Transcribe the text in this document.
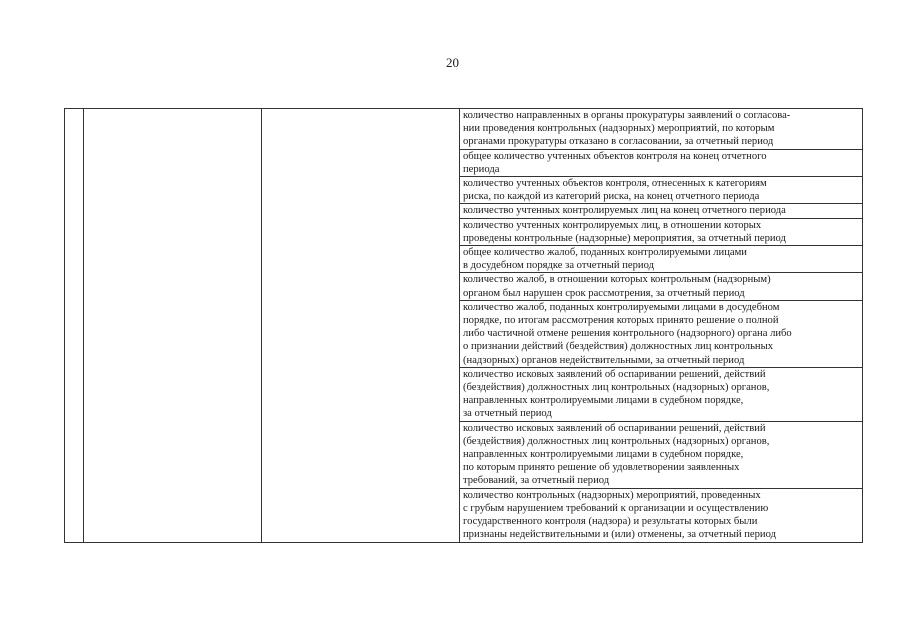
20

количество направленных в органы прокуратуры заявлений о согласова-
нии проведения контрольных (надзорных) мероприятий, по которым
органами прокуратуры отказано в согласовании, за отчетный период

общее количество учтенных объектов контроля на конец отчетного
периода

количество учтенных объектов контроля, отнесенных к категориям
риска, по каждой из категорий риска, на конец отчетного периода

количество учтенных контролируемых лиц на конец отчетного периода

количество учтенных контролируемых лиц, в отношении которых
проведены контрольные (надзорные) мероприятия, за отчетный период

общее количество жалоб, поданных контролируемыми лицами
в досудебном порядке за отчетный период

количество жалоб, в отношении которых контрольным (надзорным)
органом был нарушен срок рассмотрения, за отчетный период

количество жалоб, поданных контролируемыми лицами в досудебном
порядке, по итогам рассмотрения которых принято решение о полной
либо частичной отмене решения контрольного (надзорного) органа либо
о признании действий (бездействия) должностных лиц контрольных
(надзорных) органов недействительными, за отчетный период

количество исковых заявлений об оспаривании решений, действий
(бездействия) должностных лиц контрольных (надзорных) органов,
направленных контролируемыми лицами в судебном порядке,
за отчетный период

количество исковых заявлений об оспаривании решений, действий
(бездействия) должностных лиц контрольных (надзорных) органов,
направленных контролируемыми лицами в судебном порядке,
по которым принято решение об удовлетворении заявленных
требований, за отчетный период

количество контрольных (надзорных) мероприятий, проведенных
с грубым нарушением требований к организации и осуществлению
государственного контроля (надзора) и результаты которых были
признаны недействительными и (или) отменены, за отчетный период
